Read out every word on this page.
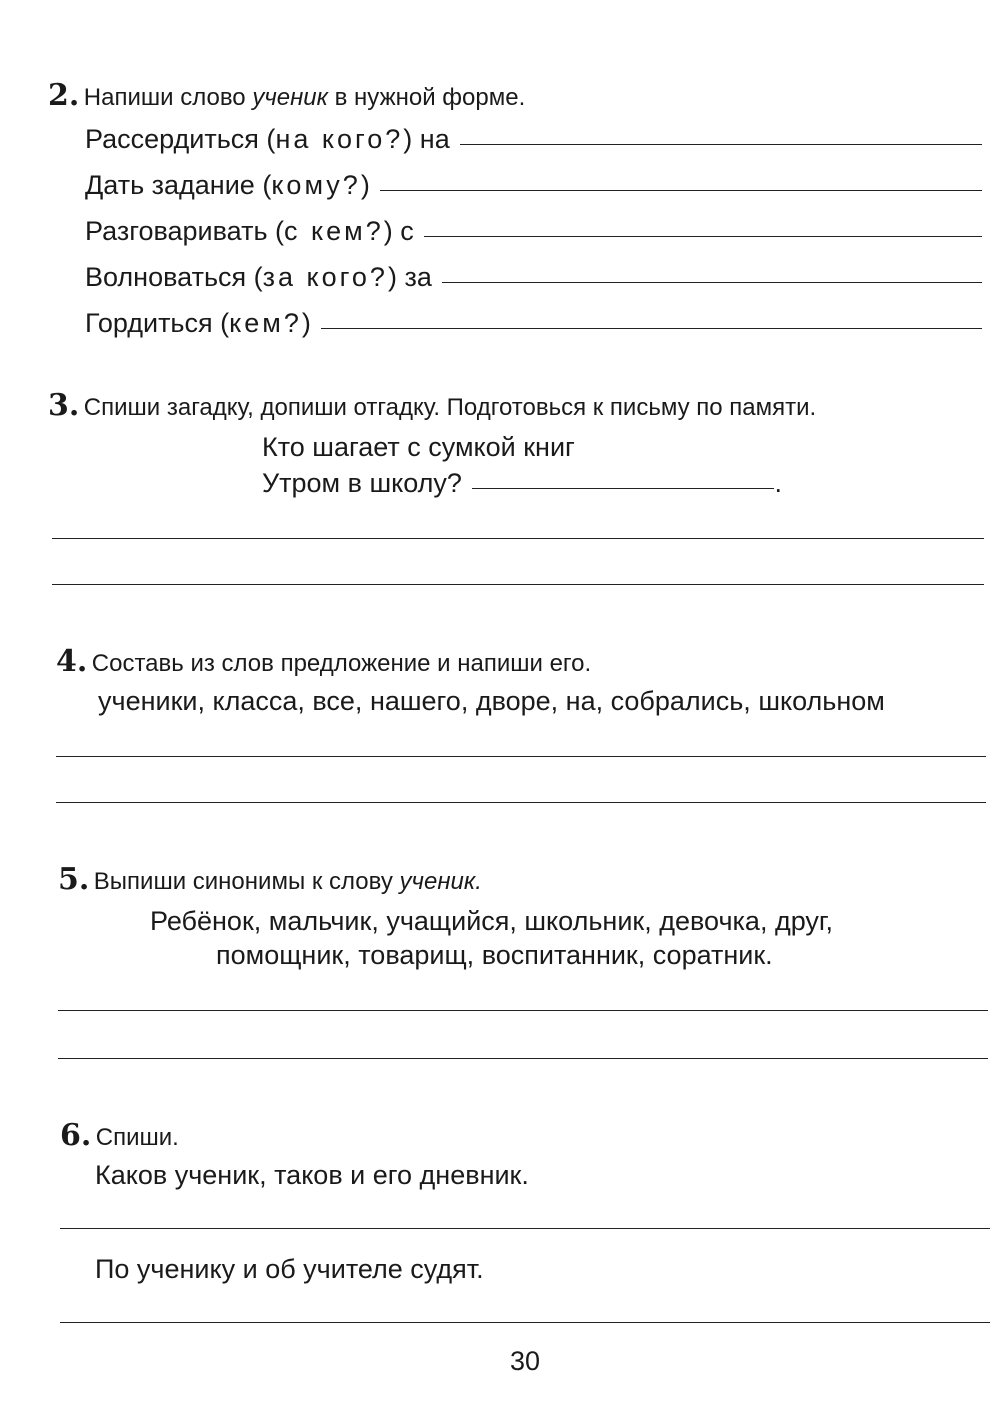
2. Напиши слово ученик в нужной форме.
Рассердиться ( на кого? ) на
Дать задание ( кому? )
Разговаривать ( с кем? ) с
Волноваться ( за кого? ) за
Гордиться ( кем? )
3. Спиши загадку, допиши отгадку. Подготовься к письму по памяти.
Кто шагает с сумкой книг
Утром в школу?	.
4. Составь из слов предложение и напиши его.
ученики, класса, все, нашего, дворе, на, собрались, школьном
5. Выпиши синонимы к слову ученик.
Ребёнок, мальчик, учащийся, школьник, девочка, друг,
помощник, товарищ, воспитанник, соратник.
6. Спиши.
Каков ученик, таков и его дневник.
По ученику и об учителе судят.
30
